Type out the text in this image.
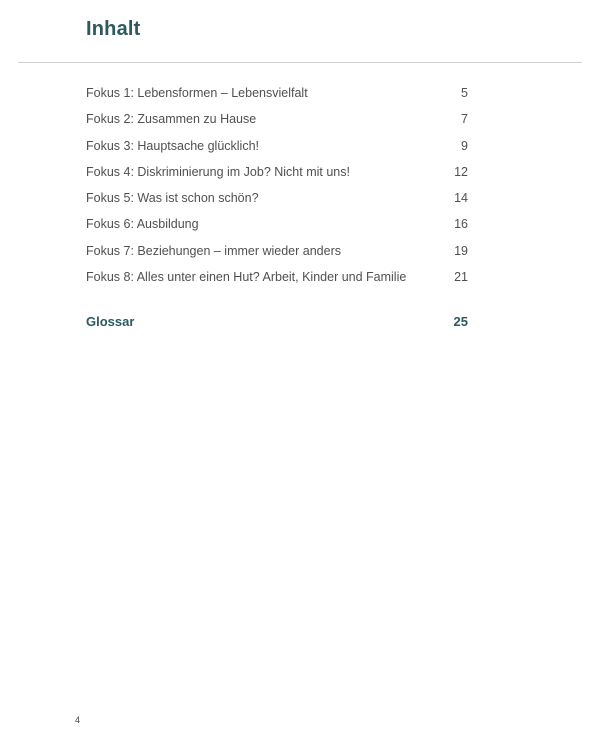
Inhalt
Fokus 1: Lebensformen – Lebensvielfalt	5
Fokus 2: Zusammen zu Hause	7
Fokus 3: Hauptsache glücklich!	9
Fokus 4: Diskriminierung im Job? Nicht mit uns!	12
Fokus 5: Was ist schon schön?	14
Fokus 6: Ausbildung	16
Fokus 7: Beziehungen – immer wieder anders	19
Fokus 8: Alles unter einen Hut? Arbeit, Kinder und Familie	21
Glossar	25
4
